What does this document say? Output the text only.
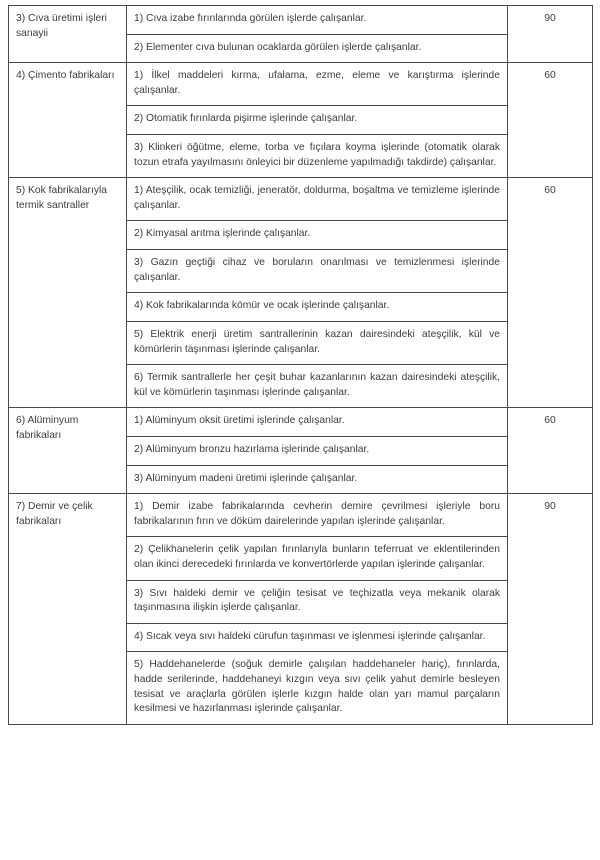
3) Cıva üretimi işleri sanayii	1) Cıva izabe fırınlarında görülen işlerde çalışanlar.	90
	2) Elementer cıva bulunan ocaklarda görülen işlerde çalışanlar.	
4) Çimento fabrikaları	1) İlkel maddeleri kırma, ufalama, ezme, eleme ve karıştırma işlerinde çalışanlar.	60
	2) Otomatik fırınlarda pişirme işlerinde çalışanlar.	
	3) Klinkeri öğütme, eleme, torba ve fıçılara koyma işlerinde (otomatik olarak tozun etrafa yayılmasını önleyici bir düzenleme yapılmadığı takdirde) çalışanlar.	
5) Kok fabrikalarıyla termik santraller	1) Ateşçilik, ocak temizliği, jeneratör, doldurma, boşaltma ve temizleme işlerinde çalışanlar.	60
	2) Kimyasal arıtma işlerinde çalışanlar.	
	3) Gazın geçtiği cihaz ve boruların onarılması ve temizlenmesi işlerinde çalışanlar.	
	4) Kok fabrikalarında kömür ve ocak işlerinde çalışanlar.	
	5) Elektrik enerji üretim santrallerinin kazan dairesindeki ateşçilik, kül ve kömürlerin taşınması işlerinde çalışanlar.	
	6) Termik santrallerle her çeşit buhar kazanlarının kazan dairesindeki ateşçilik, kül ve kömürlerin taşınması işlerinde çalışanlar.	
6) Alüminyum fabrikaları	1) Alüminyum oksit üretimi işlerinde çalışanlar.	60
	2) Alüminyum bronzu hazırlama işlerinde çalışanlar.	
	3) Alüminyum madeni üretimi işlerinde çalışanlar.	
7) Demir ve çelik fabrikaları	1) Demir izabe fabrikalarında cevherin demire çevrilmesi işleriyle boru fabrikalarının fırın ve döküm dairelerinde yapılan işlerinde çalışanlar.	90
	2) Çelikhanelerin çelik yapılan fırınlarıyla bunların teferruat ve eklentilerinden olan ikinci derecedeki fırınlarda ve konvertörlerde yapılan işlerinde çalışanlar.	
	3) Sıvı haldeki demir ve çeliğin tesisat ve teçhizatla veya mekanik olarak taşınmasına ilişkin işlerde çalışanlar.	
	4) Sıcak veya sıvı haldeki cürufun taşınması ve işlenmesi işlerinde çalışanlar.	
	5) Haddehanelerde (soğuk demirle çalışılan haddehaneler hariç), fırınlarda, hadde serilerinde, haddehaneyi kızgın veya sıvı çelik yahut demirle besleyen tesisat ve araçlarla görülen işlerle kızgın halde olan yarı mamul parçaların kesilmesi ve hazırlanması işlerinde çalışanlar.	
